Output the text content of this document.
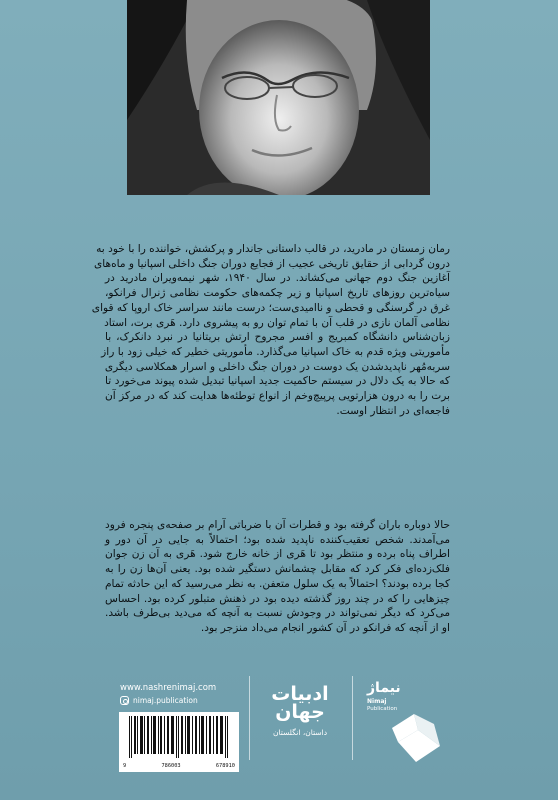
رمان زمستان در مادرید، در قالب داستانی جاندار و پرکشش، خواننده را با خود به
درون گردابی از حقایق تاریخی عجیب از فجایع دوران جنگ داخلی اسپانیا و ماه‌های
آغازین جنگ دوم جهانی می‌کشاند. در سال ۱۹۴۰، شهر نیمه‌ویران مادرید در
سیاه‌ترین روزهای تاریخ اسپانیا و زیر چکمه‌های حکومت نظامی ژنرال فرانکو،
غرق در گرسنگی و قحطی و ناامیدی‌ست؛ درست مانند سراسر خاک اروپا که قوای
نظامی آلمان نازی در قلب آن با تمام توان رو به پیشروی دارد. هَری برت، استاد
زبان‌شناس دانشگاه کمبریج و افسر مجروح ارتش بریتانیا در نبرد دانکرک، با
مأموریتی ویژه قدم به خاک اسپانیا می‌گذارد. مأموریتی خطیر که خیلی زود با راز
سربه‌مُهر ناپدیدشدن یک دوست در دوران جنگ داخلی و اسرار همکلاسی دیگری
که حالا به یک دلال در سیستم حاکمیت جدید اسپانیا تبدیل شده پیوند می‌خورد تا
برت را به درون هزارتویی پرپیچ‌وخم از انواع توطئه‌ها هدایت کند که در مرکز آن
فاجعه‌ای در انتظار اوست.
حالا دوباره باران گرفته بود و قطرات آن با ضرباتی آرام بر صفحه‌ی پنجره فرود
می‌آمدند. شخص تعقیب‌کننده ناپدید شده بود؛ احتمالاً به جایی در آن دور و
اطراف پناه برده و منتظر بود تا هَری از خانه خارج شود. هَری به آن زن جوان
فلک‌زده‌ای فکر کرد که مقابل چشمانش دستگیر شده بود. یعنی آن‌ها زن را به
کجا برده بودند؟ احتمالاً به یک سلول متعفن. به نظر می‌رسید که این حادثه تمام
چیزهایی را که در چند روز گذشته دیده بود در ذهنش متبلور کرده بود. احساس
می‌کرد که دیگر نمی‌تواند در وجودش نسبت به آنچه که می‌دید بی‌طرف باشد.
او از آنچه که فرانکو در آن کشور انجام می‌داد منزجر بود.
www.nashrenimaj.com
nimaj.publication
9	786003	678910
ادبیات
جهان
داستان، انگلستان
نیماژ
Nimaj
Publication
